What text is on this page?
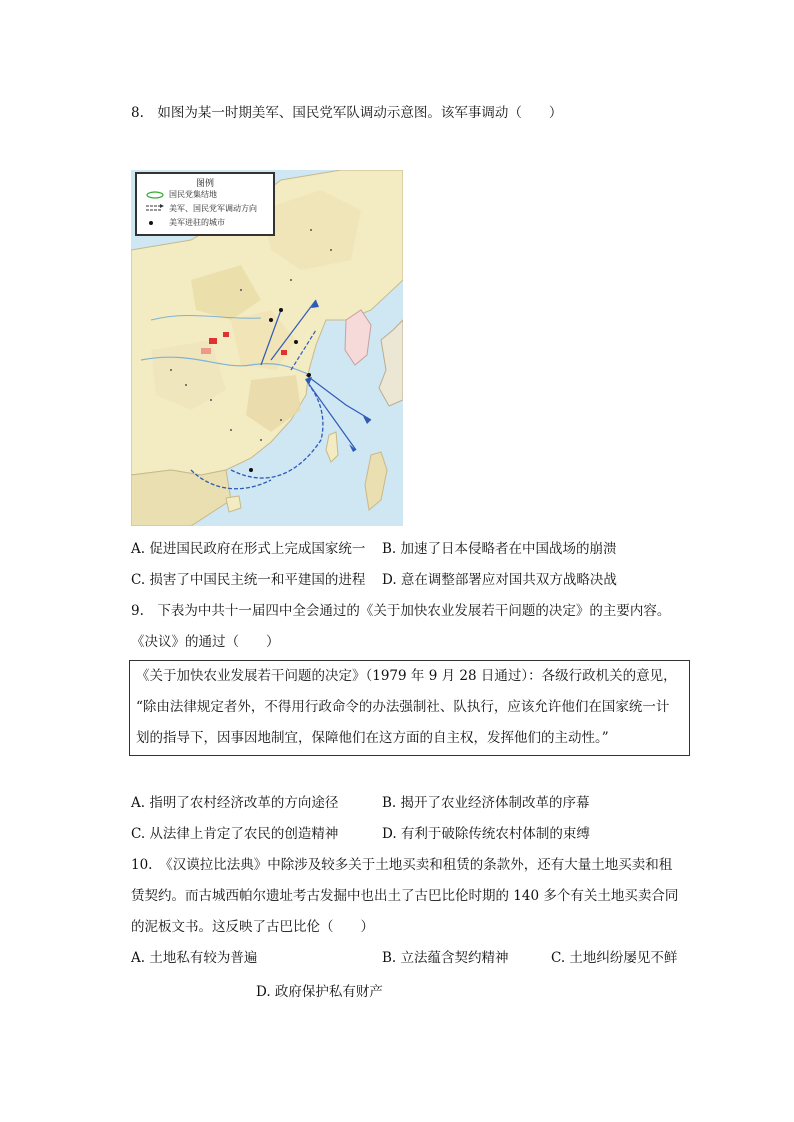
8.　如图为某一时期美军、国民党军队调动示意图。该军事调动（　　）
图例
国民党集结地
美军、国民党军调动方向
美军进驻的城市
A. 促进国民政府在形式上完成国家统一 B. 加速了日本侵略者在中国战场的崩溃
C. 损害了中国民主统一和平建国的进程 D. 意在调整部署应对国共双方战略决战
9.　下表为中共十一届四中全会通过的《关于加快农业发展若干问题的决定》的主要内容。
《决议》的通过（　　）
《关于加快农业发展若干问题的决定》（1979 年 9 月 28 日通过）：各级行政机关的意见，
“除由法律规定者外，不得用行政命令的办法强制社、队执行，应该允许他们在国家统一计
划的指导下，因事因地制宜，保障他们在这方面的自主权，发挥他们的主动性。”
A. 指明了农村经济改革的方向途径	B. 揭开了农业经济体制改革的序幕
C. 从法律上肯定了农民的创造精神	D. 有利于破除传统农村体制的束缚
10.　《汉谟拉比法典》中除涉及较多关于土地买卖和租赁的条款外，还有大量土地买卖和租
赁契约。而古城西帕尔遗址考古发掘中也出土了古巴比伦时期的 140 多个有关土地买卖合同
的泥板文书。这反映了古巴比伦（　　）
A. 土地私有较为普遍	B. 立法蕴含契约精神	C. 土地纠纷屡见不鲜
D. 政府保护私有财产
